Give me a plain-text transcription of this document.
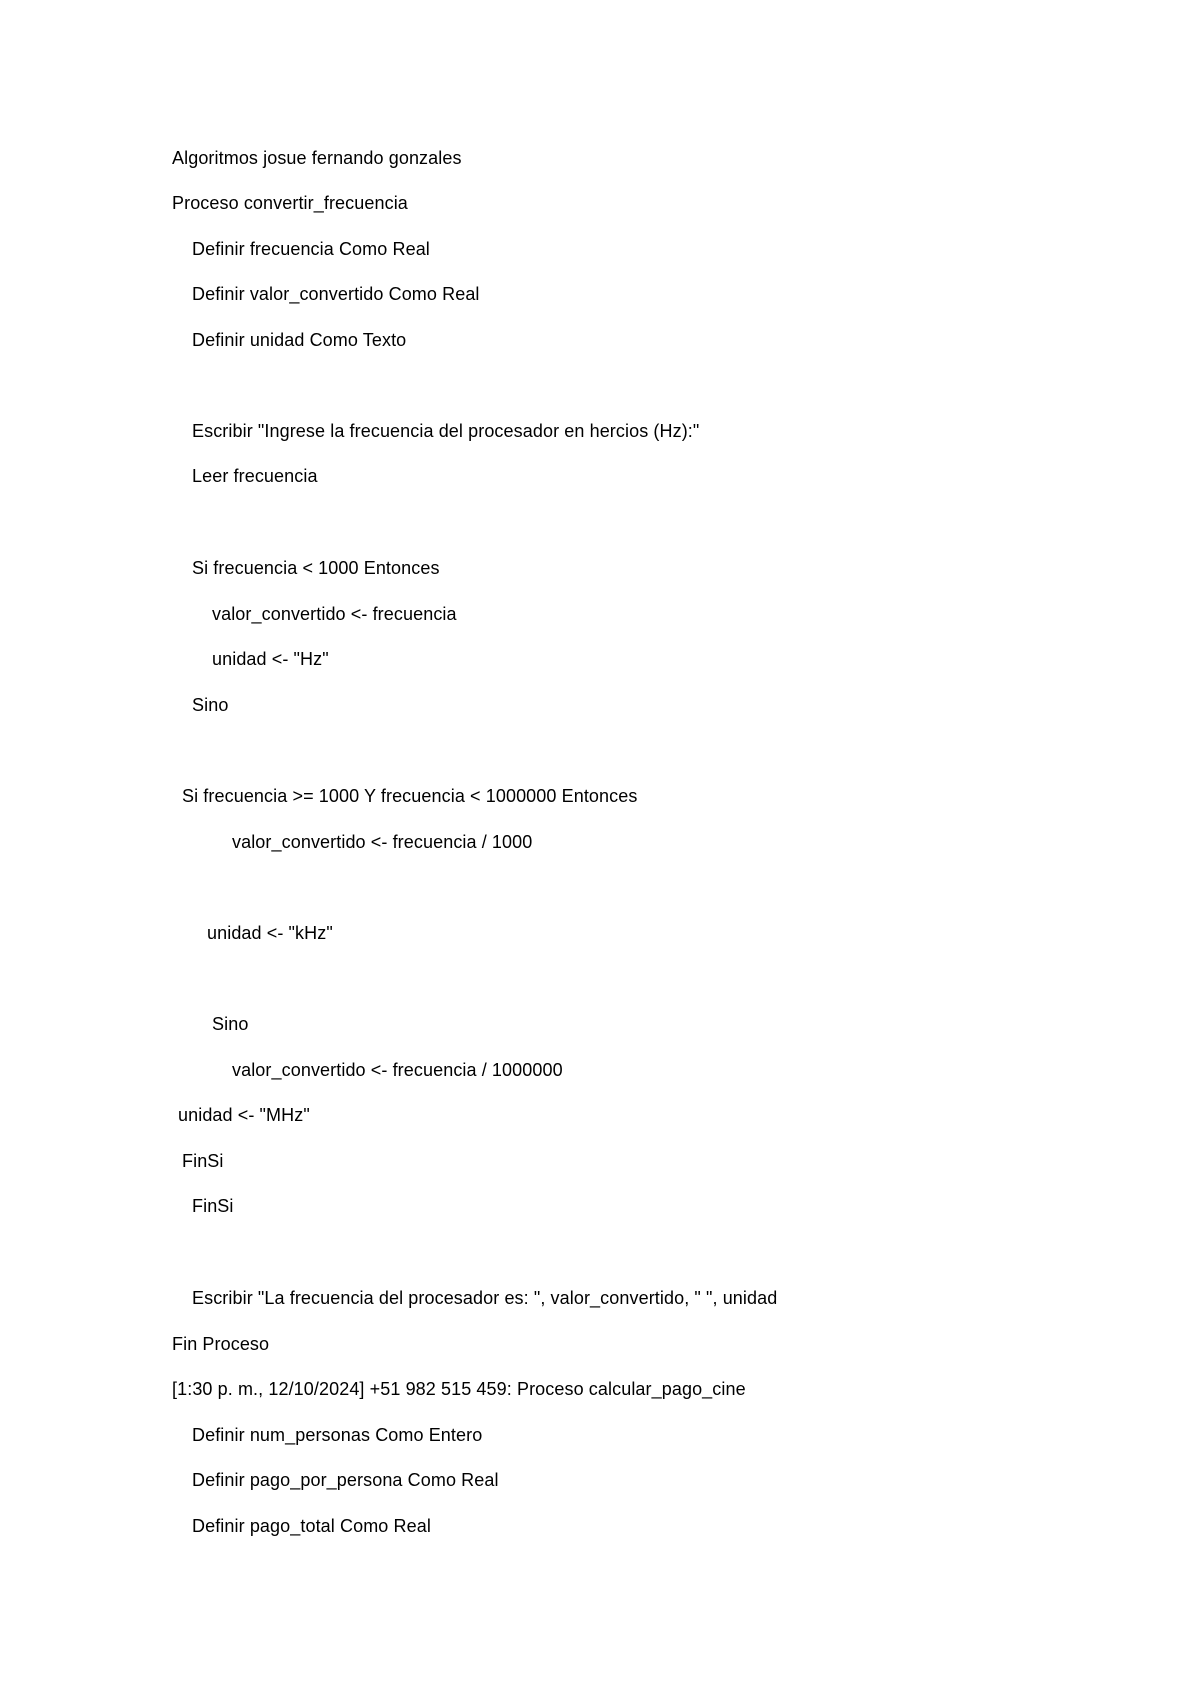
Algoritmos josue fernando gonzales
Proceso convertir_frecuencia
Definir frecuencia Como Real
Definir valor_convertido Como Real
Definir unidad Como Texto
Escribir "Ingrese la frecuencia del procesador en hercios (Hz):"
Leer frecuencia
Si frecuencia < 1000 Entonces
valor_convertido <- frecuencia
unidad <- "Hz"
Sino
Si frecuencia >= 1000 Y frecuencia < 1000000 Entonces
valor_convertido <- frecuencia / 1000
unidad <- "kHz"
Sino
valor_convertido <- frecuencia / 1000000
unidad <- "MHz"
FinSi
FinSi
Escribir "La frecuencia del procesador es: ", valor_convertido, " ", unidad
Fin Proceso
[1:30 p. m., 12/10/2024] +51 982 515 459: Proceso calcular_pago_cine
Definir num_personas Como Entero
Definir pago_por_persona Como Real
Definir pago_total Como Real
